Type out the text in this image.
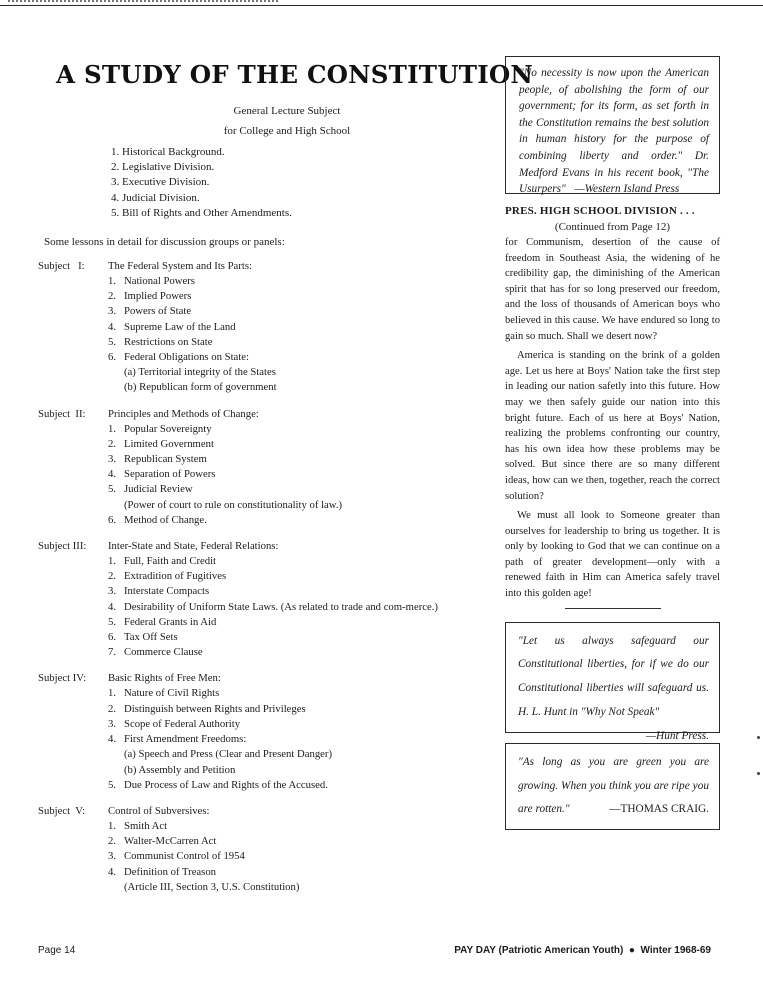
A STUDY OF THE CONSTITUTION
General Lecture Subject
for College and High School
1. Historical Background.
2. Legislative Division.
3. Executive Division.
4. Judicial Division.
5. Bill of Rights and Other Amendments.
Some lessons in detail for discussion groups or panels:
Subject   I:	The Federal System and Its Parts:
1. National Powers
2. Implied Powers
3. Powers of State
4. Supreme Law of the Land
5. Restrictions on State
6. Federal Obligations on State:
(a) Territorial integrity of the States
(b) Republican form of government
Subject  II:	Principles and Methods of Change:
1. Popular Sovereignty
2. Limited Government
3. Republican System
4. Separation of Powers
5. Judicial Review
(Power of court to rule on constitutionality of law.)
6. Method of Change.
Subject III:	Inter-State and State, Federal Relations:
1. Full, Faith and Credit
2. Extradition of Fugitives
3. Interstate Compacts
4. Desirability of Uniform State Laws. (As related to trade and com-merce.)
5. Federal Grants in Aid
6. Tax Off Sets
7. Commerce Clause
Subject IV:	Basic Rights of Free Men:
1. Nature of Civil Rights
2. Distinguish between Rights and Privileges
3. Scope of Federal Authority
4. First Amendment Freedoms:
(a) Speech and Press (Clear and Present Danger)
(b) Assembly and Petition
5. Due Process of Law and Rights of the Accused.
Subject  V:	Control of Subversives:
1. Smith Act
2. Walter-McCarren Act
3. Communist Control of 1954
4. Definition of Treason
(Article III, Section 3, U.S. Constitution)
"No necessity is now upon the American people, of abolishing the form of our government; for its form, as set forth in the Constitution remains the best solution in human history for the purpose of combining liberty and order." Dr. Medford Evans in his recent book, "The Usurpers" —Western Island Press
PRES. HIGH SCHOOL DIVISION . . .
(Continued from Page 12)

for Communism, desertion of the cause of freedom in Southeast Asia, the widening of he credibility gap, the diminishing of the American spirit that has for so long preserved our freedom, and the loss of thousands of American boys who believed in this cause. We have endured so long to gain so much. Shall we desert now?

America is standing on the brink of a golden age. Let us here at Boys' Nation take the first step in leading our nation safetly into this future. How may we then safely guide our nation into this bright future. Each of us here at Boys' Nation, realizing the problems confronting our country, has his own idea how these problems may be solved. But since there are so many different ideas, how can we then, together, reach the correct solution?

We must all look to Someone greater than ourselves for leadership to bring us together. It is only by looking to God that we can continue on a path of greater development—only with a renewed faith in Him can America safely travel into this golden age!

"Let us always safeguard our Constitutional liberties, for if we do our Constitutional liberties will safeguard us. H. L. Hunt in "Why Not Speak"
—Hunt Press.
"As long as you are green you are growing. When you think you are ripe you are rotten."	—THOMAS CRAIG.
Page 14	PAY DAY (Patriotic American Youth)  ●  Winter 1968-69
